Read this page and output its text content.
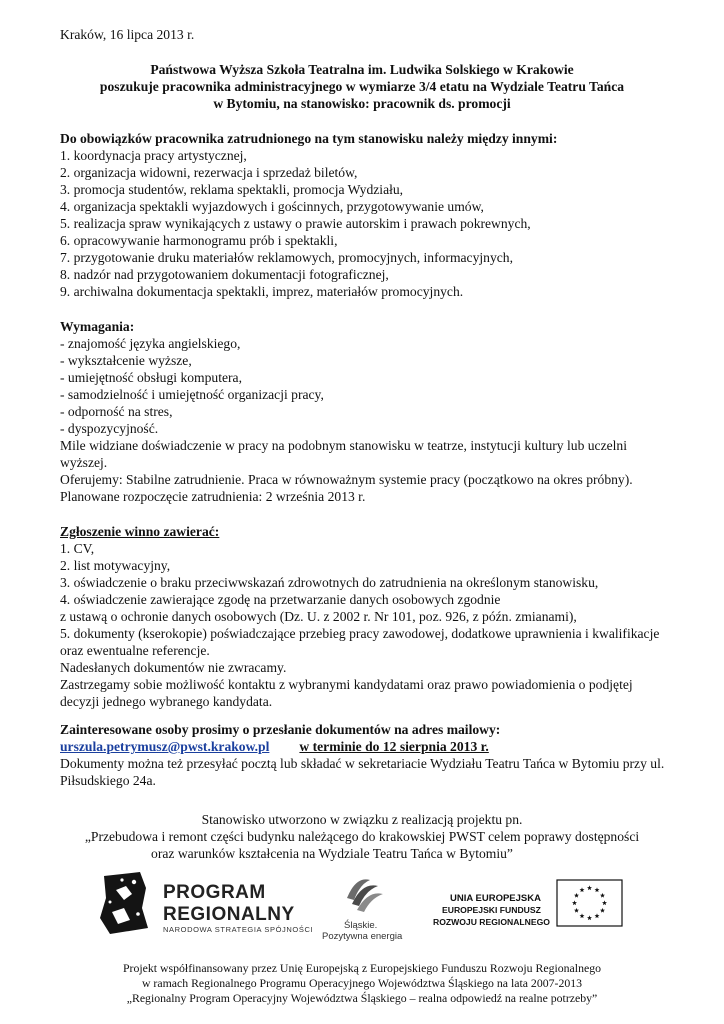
Kraków, 16 lipca 2013 r.
Państwowa Wyższa Szkoła Teatralna im. Ludwika Solskiego w Krakowie
poszukuje pracownika administracyjnego w wymiarze 3/4 etatu na Wydziale Teatru Tańca
w Bytomiu, na stanowisko: pracownik ds. promocji
Do obowiązków pracownika zatrudnionego na tym stanowisku należy między innymi:
1. koordynacja pracy artystycznej,
2. organizacja widowni, rezerwacja i sprzedaż biletów,
3. promocja studentów, reklama spektakli, promocja Wydziału,
4. organizacja spektakli wyjazdowych i gościnnych, przygotowywanie umów,
5. realizacja spraw wynikających z ustawy o prawie autorskim i prawach pokrewnych,
6. opracowywanie harmonogramu prób i spektakli,
7. przygotowanie druku materiałów reklamowych, promocyjnych, informacyjnych,
8. nadzór nad przygotowaniem dokumentacji fotograficznej,
9. archiwalna dokumentacja spektakli, imprez, materiałów promocyjnych.
Wymagania:
- znajomość języka angielskiego,
- wykształcenie wyższe,
- umiejętność obsługi komputera,
- samodzielność i umiejętność organizacji pracy,
- odporność na stres,
- dyspozycyjność.
Mile widziane doświadczenie w pracy na podobnym stanowisku w teatrze, instytucji kultury lub uczelni wyższej.
Oferujemy: Stabilne zatrudnienie. Praca w równoważnym systemie pracy (początkowo na okres próbny).
Planowane rozpoczęcie zatrudnienia: 2 września 2013 r.
Zgłoszenie winno zawierać:
1. CV,
2. list motywacyjny,
3. oświadczenie o braku przeciwwskazań zdrowotnych do zatrudnienia na określonym stanowisku,
4. oświadczenie zawierające zgodę na przetwarzanie danych osobowych zgodnie
z ustawą o ochronie danych osobowych (Dz. U. z 2002 r. Nr 101, poz. 926, z późn. zmianami),
5. dokumenty (kserokopie) poświadczające przebieg pracy zawodowej, dodatkowe uprawnienia i kwalifikacje oraz ewentualne referencje.
Nadesłanych dokumentów nie zwracamy.
Zastrzegamy sobie możliwość kontaktu z wybranymi kandydatami oraz prawo powiadomienia o podjętej decyzji jednego wybranego kandydata.
Zainteresowane osoby prosimy o przesłanie dokumentów na adres mailowy:
urszula.petrymusz@pwst.krakow.pl w terminie do 12 sierpnia 2013 r.
Dokumenty można też przesyłać pocztą lub składać w sekretariacie Wydziału Teatru Tańca w Bytomiu przy ul. Piłsudskiego 24a.
Stanowisko utworzono w związku z realizacją projektu pn.
„Przebudowa i remont części budynku należącego do krakowskiej PWST celem poprawy dostępności
oraz warunków kształcenia na Wydziale Teatru Tańca w Bytomiu”
PROGRAM
REGIONALNY
NARODOWA STRATEGIA SPÓJNOŚCI	Śląskie.
Pozytywna energia
UNIA EUROPEJSKA
EUROPEJSKI FUNDUSZ
ROZWOJU REGIONALNEGO
Projekt współfinansowany przez Unię Europejską z Europejskiego Funduszu Rozwoju Regionalnego
w ramach Regionalnego Programu Operacyjnego Województwa Śląskiego na lata 2007-2013
„Regionalny Program Operacyjny Województwa Śląskiego – realna odpowiedź na realne potrzeby”
